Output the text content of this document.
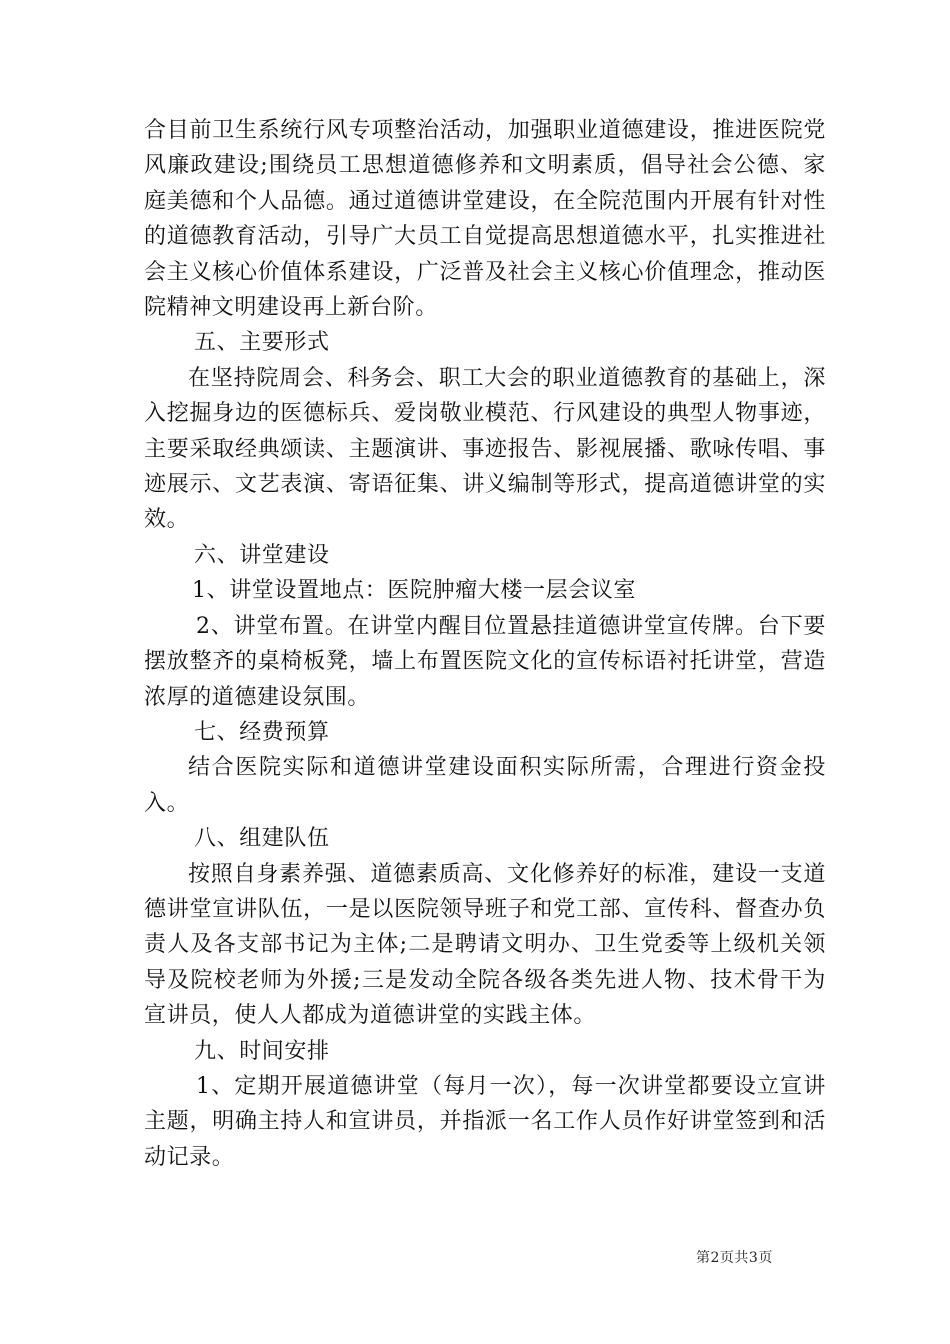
合目前卫生系统行风专项整治活动，加强职业道德建设，推进医院党风廉政建设;围绕员工思想道德修养和文明素质，倡导社会公德、家庭美德和个人品德。通过道德讲堂建设，在全院范围内开展有针对性的道德教育活动，引导广大员工自觉提高思想道德水平，扎实推进社会主义核心价值体系建设，广泛普及社会主义核心价值理念，推动医院精神文明建设再上新台阶。

五、主要形式

在坚持院周会、科务会、职工大会的职业道德教育的基础上，深入挖掘身边的医德标兵、爱岗敬业模范、行风建设的典型人物事迹，主要采取经典颂读、主题演讲、事迹报告、影视展播、歌咏传唱、事迹展示、文艺表演、寄语征集、讲义编制等形式，提高道德讲堂的实效。

六、讲堂建设

1、讲堂设置地点：医院肿瘤大楼一层会议室

2、讲堂布置。在讲堂内醒目位置悬挂道德讲堂宣传牌。台下要摆放整齐的桌椅板凳，墙上布置医院文化的宣传标语衬托讲堂，营造浓厚的道德建设氛围。

七、经费预算

结合医院实际和道德讲堂建设面积实际所需，合理进行资金投入。

八、组建队伍

按照自身素养强、道德素质高、文化修养好的标准，建设一支道德讲堂宣讲队伍，一是以医院领导班子和党工部、宣传科、督查办负责人及各支部书记为主体;二是聘请文明办、卫生党委等上级机关领导及院校老师为外援;三是发动全院各级各类先进人物、技术骨干为宣讲员，使人人都成为道德讲堂的实践主体。

九、时间安排

1、定期开展道德讲堂（每月一次），每一次讲堂都要设立宣讲主题，明确主持人和宣讲员，并指派一名工作人员作好讲堂签到和活动记录。

第2页共3页
